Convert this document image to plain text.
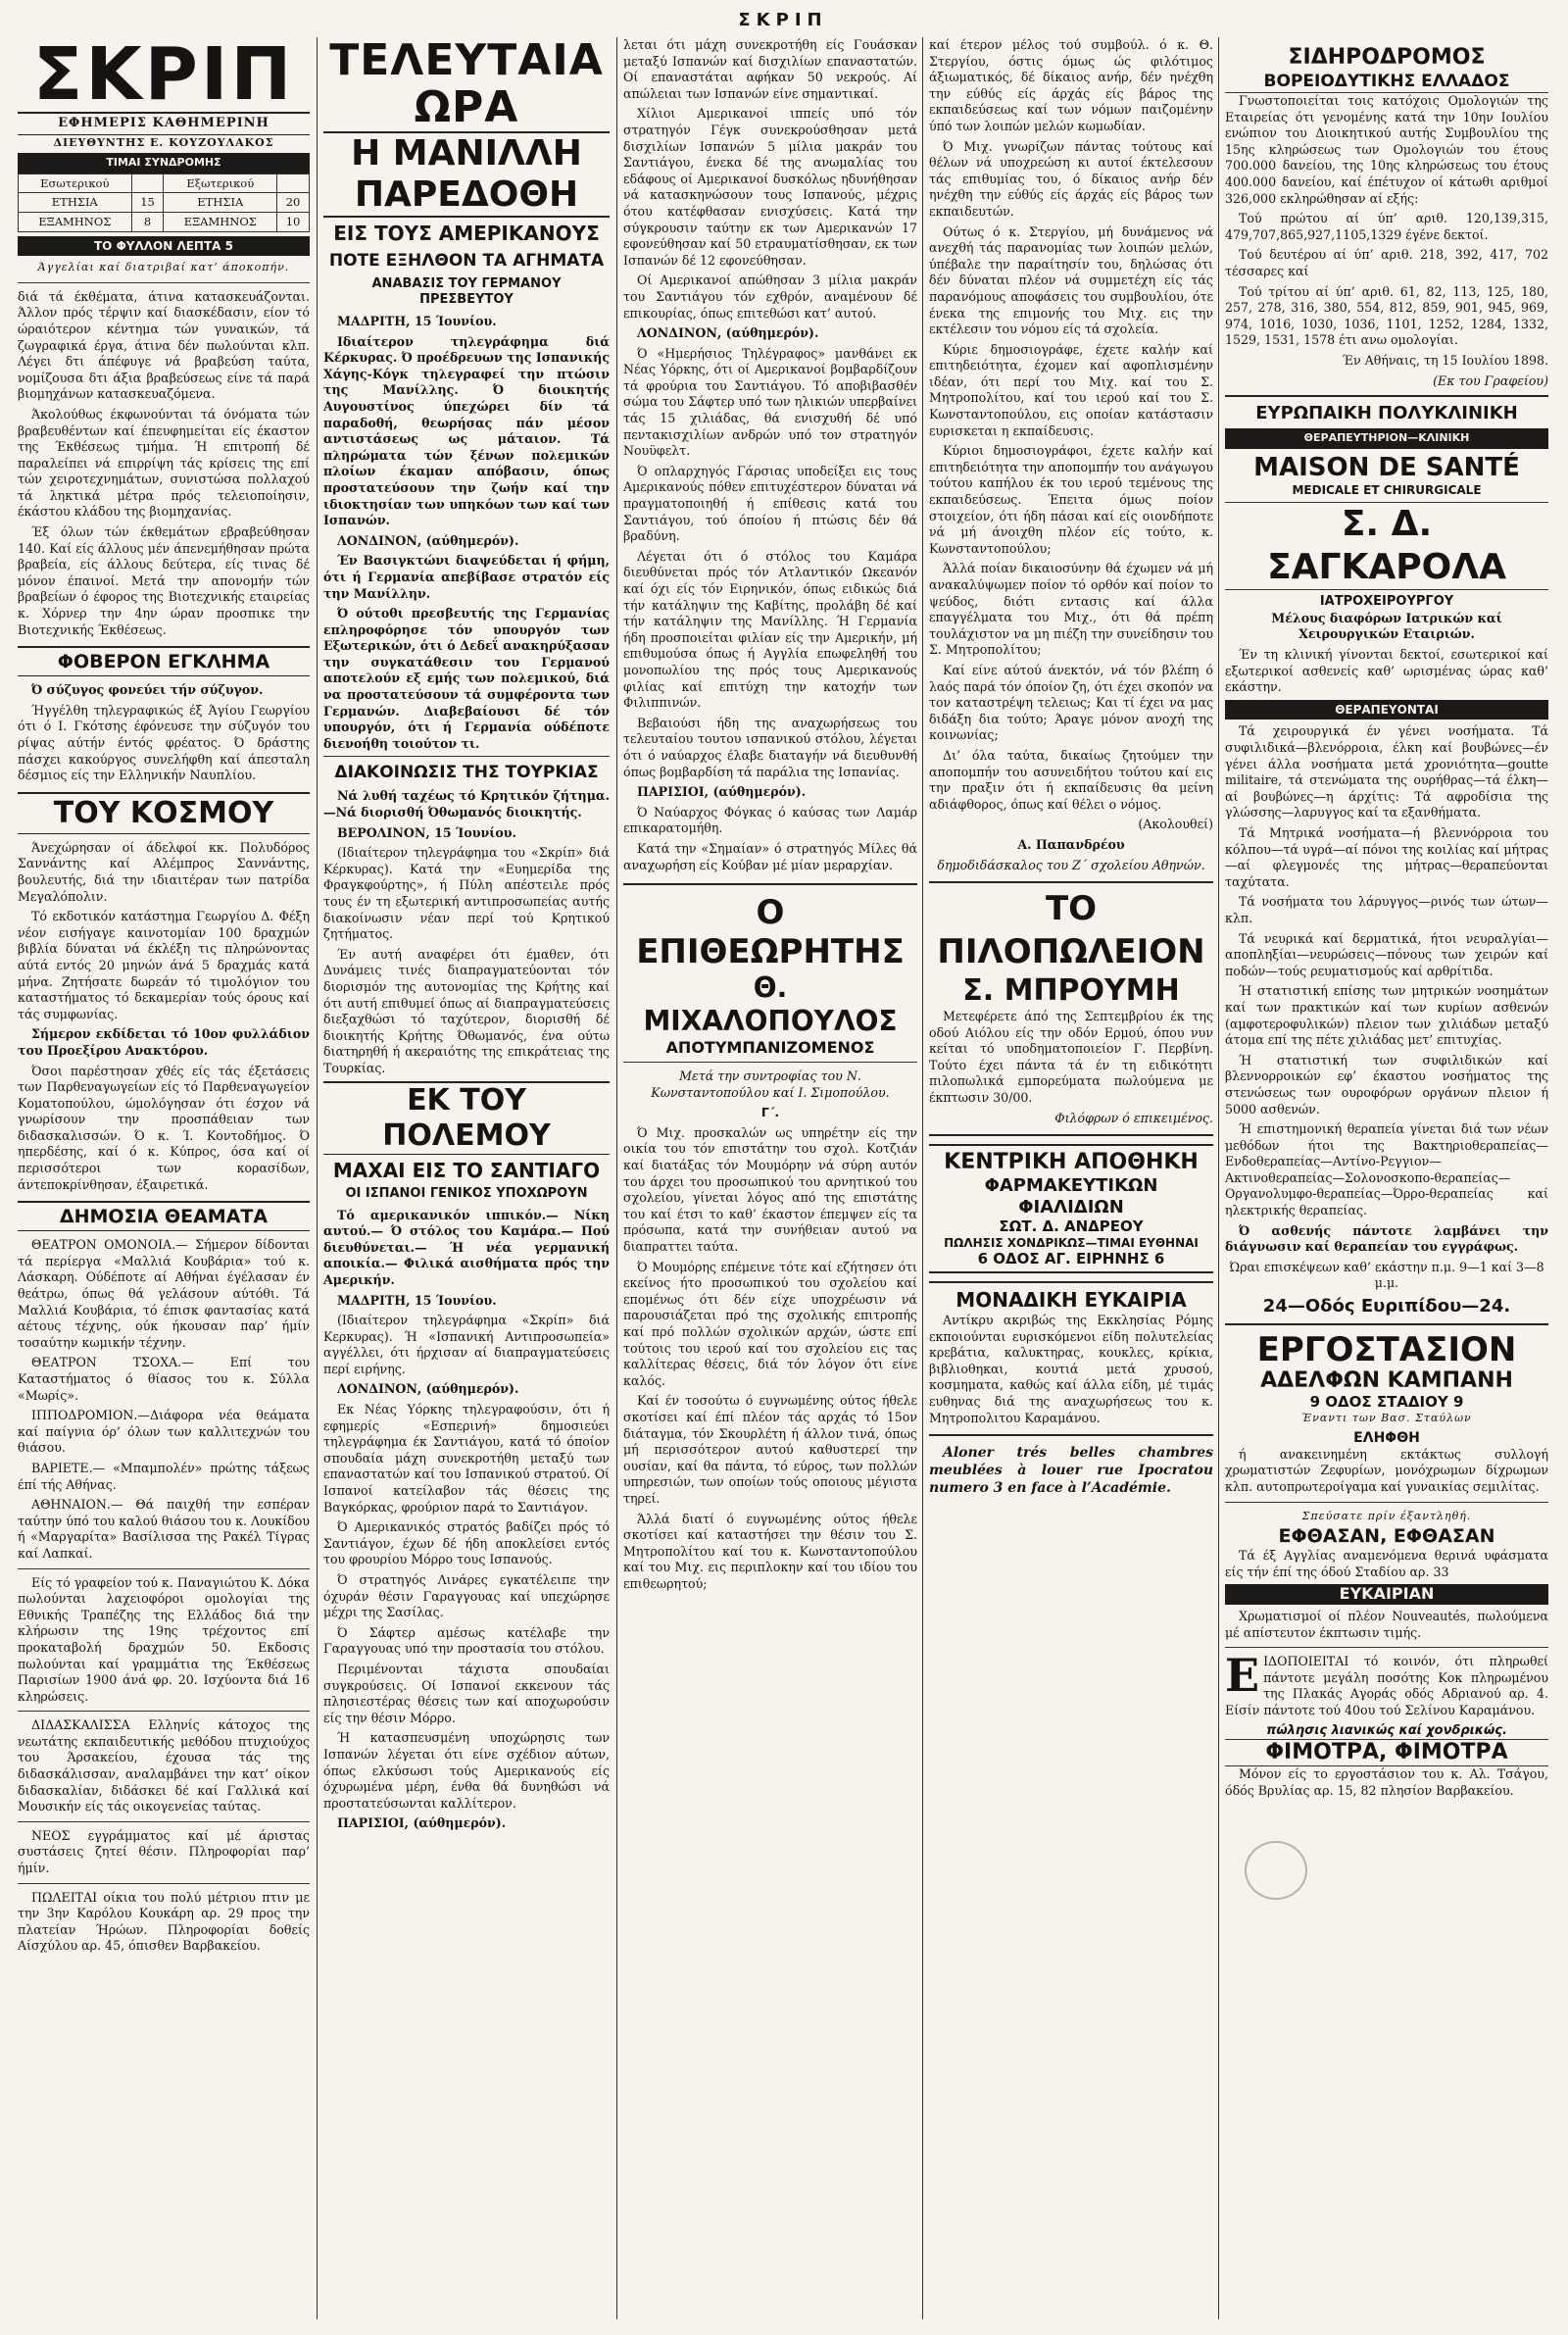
ΣΚΡΙΠ
ΣΚΡΙΠ
ΕΦΗΜΕΡΙΣ ΚΑΘΗΜΕΡΙΝΗ
ΔΙΕΥΘΥΝΤΗΣ Ε. ΚΟΥΖΟΥΛΑΚΟΣ
ΤΙΜΑΙ ΣΥΝΔΡΟΜΗΣ
Εσωτερικού		Εξωτερικού	
ΕΤΗΣΙΑ	15	ΕΤΗΣΙΑ	20
ΕΞΑΜΗΝΟΣ	8	ΕΞΑΜΗΝΟΣ	10
ΤΟ ΦΥΛΛΟΝ ΛΕΠΤΑ 5
Άγγελίαι καί διατριβαί κατ’ άποκοπήν.

διά τά έκθέματα, άτινα κατασκευάζονται. Άλλον πρός τέρψιν καί διασκέδασιν, είον τό ώραιότερον κέντημα τών γυναικών, τά ζωγραφικά έργα, άτινα δέν πωλούνται κλπ. Λέγει δτι άπέφυγε νά βραβεύση ταύτα, νομίζουσα δτι άξια βραβεύσεως είνε τά παρά βιομηχάνων κατασκευαζόμενα.

Άκολούθως έκφωνούνται τά όνόματα τών βραβευθέντων καί έπευφημείται είς έκαστον της Έκθέσεως τμήμα. Ή επιτροπή δέ παραλείπει νά επιρρίψη τάς κρίσεις της επί τών χειροτεχνημάτων, συνιστώσα πολλαχού τά ληκτικά μέτρα πρός τελειοποίησιν, έκάστου κλάδου της βιομηχανίας.

Έξ όλων τών έκθεμάτων εβραβεύθησαν 140. Καί είς άλλους μέν άπενεμήθησαν πρώτα βραβεία, είς άλλους δεύτερα, είς τινας δέ μόνον έπαινοί. Μετά την απονομήν τών βραβείων ό έφορος της Βιοτεχνικής εταιρείας κ. Χόρνερ την 4ην ώραν προσπικε την Βιοτεχνικής Έκθέσεως.

ΦΟΒΕΡΟΝ ΕΓΚΛΗΜΑ

Ό σύζυγος φονεύει τήν σύζυγον.

Ήγγέλθη τηλεγραφικώς έξ Άγίου Γεωργίου ότι ό Ι. Γκότσης έφόνευσε την σύζυγόν του ρίψας αύτήν έντός φρέατος. Ό δράστης πάσχει κακούργος συνελήφθη καί άπεσταλη δέσμιος είς την Ελληνικήν Ναυπλίου.

ΤΟΥ ΚΟΣΜΟΥ

Άνεχώρησαν οί άδελφοί κκ. Πολυδόρος Σαννάντης καί Αλέμπρος Σαννάντης, βουλευτής, διά την ιδιαιτέραν των πατρίδα Μεγαλόπολιν.

Τό εκδοτικόν κατάστημα Γεωργίου Δ. Φέξη νέον εισήγαγε καινοτομίαν 100 δραχμών βιβλία δύναται νά έκλέξη τις πληρώνοντας αύτά εντός 20 μηνών άνά 5 δραχμάς κατά μήνα. Ζητήσατε δωρεάν τό τιμολόγιον του καταστήματος τό δεκαμερίαν τούς όρους καί τάς συμφωνίας.

Σήμερον εκδίδεται τό 10ον φυλλάδιον του Προεξίρου Ανακτόρου.

Όσοι παρέστησαν χθές είς τάς έξετάσεις των Παρθεναγωγείων είς τό Παρθεναγωγείον Κοματοπούλου, ώμολόγησαν ότι έσχον νά γνωρίσουν την προσπάθειαν των διδασκαλισσών. Ό κ. Ί. Κοντοδήμος. Ό ηπερδέσης, καί ό κ. Κύπρος, όσα καί οί περισσότεροι των κορασίδων, άντεποκρίνθησαν, έξαιρετικά.

ΔΗΜΟΣΙΑ ΘΕΑΜΑΤΑ

ΘΕΑΤΡΟΝ ΟΜΟΝΟΙΑ.— Σήμερον δίδονται τά περίεργα «Μαλλιά Κουβάρια» τού κ. Λάσκαρη. Ούδέποτε αί Αθήναι έγέλασαν έν θεάτρω, όπως θά γελάσουν αύτόθι. Τά Μαλλιά Κουβάρια, τό έπισκ φαντασίας κατά αέτους τέχνης, ούκ ήκουσαν παρ’ ήμίν τοσαύτην κωμικήν τέχνην.

ΘΕΑΤΡΟΝ ΤΣΟΧΑ.— Επί του Καταστήματος ό θίασος του κ. Σύλλα «Μωρίς».

ΙΠΠΟΔΡΟΜΙΟΝ.—Διάφορα νέα θεάματα καί παίγνια όρ’ όλων των καλλιτεχνών του θιάσου.

ΒΑΡΙΕΤΕ.— «Μπαμπολέν» πρώτης τάξεως έπί τής Αθήνας.

ΑΘΗΝΑΙΟΝ.— Θά παιχθή την εσπέραν ταύτην ύπό του καλού θιάσου του κ. Λουκίδου ή «Μαργαρίτα» Βασίλισσα της Ρακέλ Τίγρας καί Λαπκαί.

Είς τό γραφείον τού κ. Παναγιώτου Κ. Δόκα πωλούνται λαχειοφόροι ομολογίαι της Εθνικής Τραπέζης της Ελλάδος διά την κλήρωσιν της 19ης τρέχοντος επί προκαταβολή δραχμών 50. Εκδοσις πωλούνται καί γραμμάτια της Έκθέσεως Παρισίων 1900 άνά φρ. 20. Ισχύοντα διά 16 κληρώσεις.

ΔΙΔΑΣΚΑΛΙΣΣΑ Ελληνίς κάτοχος της νεωτάτης εκπαιδευτικής μεθόδου πτυχιούχος του Άρσακείου, έχουσα τάς της διδασκάλισσαν, αναλαμβάνει την κατ’ οίκον διδασκαλίαν, διδάσκει δέ καί Γαλλικά καί Μουσικήν είς τάς οικογενείας ταύτας.

ΝΕΟΣ εγγράμματος καί μέ άριστας συστάσεις ζητεί θέσιν. Πληροφορίαι παρ’ ήμίν.

ΠΩΛΕΙΤΑΙ οίκια του πολύ μέτριου πτιν με την 3ην Καρόλου Κουκάρη αρ. 29 προς την πλατείαν Ήρώων. Πληροφορίαι δοθείς Αίσχύλου αρ. 45, όπισθεν Βαρβακείου.

ΤΕΛΕΥΤΑΙΑ ΩΡΑ
Η ΜΑΝΙΛΛΗ ΠΑΡΕΔΟΘΗ
ΕΙΣ ΤΟΥΣ ΑΜΕΡΙΚΑΝΟΥΣ
ΠΟΤΕ ΕΞΗΛΘΟΝ ΤΑ ΑΓΗΜΑΤΑ
ΑΝΑΒΑΣΙΣ ΤΟΥ ΓΕΡΜΑΝΟΥ ΠΡΕΣΒΕΥΤΟΥ

ΜΑΔΡΙΤΗ, 15 Ίουνίου.

Ιδιαίτερον τηλεγράφημα διά Κέρκυρας. Ό προέδρευων της Ισπανικής Χάγης-Κόγκ τηλεγραφεί την πτώσιν της Μανίλλης. Ό διοικητής Αυγουστίνος ύπεχώρει δίν τά παραδοθή, θεωρήσας πάν μέσον αντιστάσεως ως μάταιον. Τά πληρώματα τών ξένων πολεμικών πλοίων έκαμαν απόβασιν, όπως προστατεύσουν την ζωήν καί την ιδιοκτησίαν των υπηκόων των καί των Ισπανών.

ΛΟΝΔΙΝΟΝ, (αύθημερόν).

Έν Βασιγκτώνι διαψεύδεται ή φήμη, ότι ή Γερμανία απεβίβασε στρατόν είς την Μανίλλην.

Ό ούτοθι πρεσβευτής της Γερμανίας επληροφόρησε τόν υπουργόν των Εξωτερικών, ότι ό Δεδεΐ ανακηρύξασαν την συγκατάθεσιν του Γερμανού αποτελούν εξ εμής των πολεμικού, διά να προστατεύσουν τά συμφέροντα των Γερμανών. Διαβεβαίουσι δέ τόν υπουργόν, ότι ή Γερμανία ούδέποτε διενοήθη τοιούτον τι.

ΔΙΑΚΟΙΝΩΣΙΣ ΤΗΣ ΤΟΥΡΚΙΑΣ

Νά λυθή ταχέως τό Κρητικόν ζήτημα.—Νά διορισθή Όθωμανός διοικητής.

ΒΕΡΟΛΙΝΟΝ, 15 Ίουνίου.

(Ιδιαίτερον τηλεγράφημα του «Σκρίπ» διά Κέρκυρας). Κατά την «Ευημερίδα της Φραγκφούρτης», ή Πύλη απέστειλε πρός τους έν τη εξωτερική αντιπροσωπείας αυτής διακοίνωσιν νέαν περί τού Κρητικού ζητήματος.

Έν αυτή αναφέρει ότι έμαθεν, ότι Δυνάμεις τινές διαπραγματεύονται τόν διορισμόν της αυτονομίας της Κρήτης καί ότι αυτή επιθυμεί όπως αί διαπραγματεύσεις διεξαχθώσι τό ταχύτερον, διορισθή δέ διοικητής Κρήτης Όθωμανός, ένα ούτω διατηρηθή ή ακεραιότης της επικράτειας της Τουρκίας.

ΕΚ ΤΟΥ ΠΟΛΕΜΟΥ
ΜΑΧΑΙ ΕΙΣ ΤΟ ΣΑΝΤΙΑΓΟ
ΟΙ ΙΣΠΑΝΟΙ ΓΕΝΙΚΟΣ ΥΠΟΧΩΡΟΥΝ

Τό αμερικανικόν ιππικόν.— Νίκη αυτού.— Ό στόλος του Καμάρα.— Πού διευθύνεται.— Ή νέα γερμανική αποικία.— Φιλικά αισθήματα πρός την Αμερικήν.

ΜΑΔΡΙΤΗ, 15 Ίουνίου.

(Ιδιαίτερον τηλεγράφημα «Σκρίπ» διά Κερκυρας). Ή «Ισπανική Αντιπροσωπεία» αγγέλλει, ότι ήρχισαν αί διαπραγματεύσεις περί ειρήνης.

ΛΟΝΔΙΝΟΝ, (αύθημερόν).

Εκ Νέας Υόρκης τηλεγραφούσιν, ότι ή εφημερίς «Εσπερινή» δημοσιεύει τηλεγράφημα έκ Σαντιάγου, κατά τό όποίον σπουδαία μάχη συνεκροτήθη μεταξύ των επαναστατών καί του Ισπανικού στρατού. Οί Ισπανοί κατείλαβον τάς θέσεις της Βαγκόρκας, φρούριον παρά το Σαντιάγον.

Ό Αμερικανικός στρατός βαδίζει πρός τό Σαντιάγον, έχων δέ ήδη αποκλείσει εντός του φρουρίου Μόρρο τους Ισπανούς.

Ό στρατηγός Λινάρες εγκατέλειπε την όχυράν θέσιν Γαραγγουας καί υπεχώρησε μέχρι της Σασίλας.

Ό Σάφτερ αμέσως κατέλαβε την Γαραγγουας υπό την προστασία του στόλου.

Περιμένονται τάχιστα σπουδαίαι συγκρούσεις. Οί Ισπανοί εκκενουν τάς πλησιεστέρας θέσεις των καί αποχωρούσιν είς την θέσιν Μόρρο.

Ή κατασπευσμένη υποχώρησις των Ισπανών λέγεται ότι είνε σχέδιον αύτων, όπως ελκύσωσι τούς Αμερικανούς είς όχυρωμένα μέρη, ένθα θά δυνηθώσι νά προστατεύσωνται καλλίτερον.

ΠΑΡΙΣΙΟΙ, (αύθημερόν).

λεται ότι μάχη συνεκροτήθη είς Γουάσκαν μεταξύ Ισπανών καί δισχιλίων επαναστατών. Οί επαναστάται αφήκαν 50 νεκρούς. Αί απώλειαι των Ισπανών είνε σημαντικαί.

Χίλιοι Αμερικανοί ιππείς υπό τόν στρατηγόν Γέγκ συνεκρούσθησαν μετά δισχιλίων Ισπανών 5 μίλια μακράν του Σαντιάγου, ένεκα δέ της ανωμαλίας του εδάφους οί Αμερικανοί δυσκόλως ηδυνήθησαν νά κατασκηνώσουν τους Ισπανούς, μέχρις ότου κατέφθασαν ενισχύσεις. Κατά την σύγκρουσιν ταύτην εκ των Αμερικανών 17 εφονεύθησαν καί 50 ετραυματίσθησαν, εκ των Ισπανών δέ 12 εφονεύθησαν.

Οί Αμερικανοί απώθησαν 3 μίλια μακράν του Σαντιάγου τόν εχθρόν, αναμένουν δέ επικουρίας, όπως επιτεθώσι κατ’ αυτού.

ΛΟΝΔΙΝΟΝ, (αύθημερόν).

Ό «Ημερήσιος Τηλέγραφος» μανθάνει εκ Νέας Υόρκης, ότι οί Αμερικανοί βομβαρδίζουν τά φρούρια του Σαντιάγου. Τό αποβιβασθέν σώμα του Σάφτερ υπό των ηλικιών υπερβαίνει τάς 15 χιλιάδας, θά ενισχυθή δέ υπό πεντακισχιλίων ανδρών υπό τον στρατηγόν Νουϋφελτ.

Ό οπλαρχηγός Γάρσιας υποδείξει εις τους Αμερικανούς πόθεν επιτυχέστερον δύναται νά πραγματοποιηθή ή επίθεσις κατά του Σαντιάγου, τού όποίου ή πτώσις δέν θά βραδύνη.

Λέγεται ότι ό στόλος του Καμάρα διευθύνεται πρός τόν Ατλαντικόν Ωκεανόν καί όχι είς τόν Ειρηνικόν, όπως ειδικώς διά τήν κατάληψιν της Καβίτης, προλάβη δέ καί τήν κατάληψιν της Μανίλλης. Ή Γερμανία ήδη προσποιείται φιλίαν είς την Αμερικήν, μή επιθυμούσα όπως ή Αγγλία επωφεληθή του μονοπωλίου της πρός τους Αμερικανούς φιλίας καί επιτύχη την κατοχήν των Φιλιππινών.

Βεβαιούσι ήδη της αναχωρήσεως του τελευταίου τουτου ισπανικού στόλου, λέγεται ότι ό ναύαρχος έλαβε διαταγήν νά διευθυνθή όπως βομβαρδίση τά παράλια της Ισπανίας.

ΠΑΡΙΣΙΟΙ, (αύθημερόν).

Ό Ναύαρχος Φόγκας ό καύσας των Λαμάρ επικαρατομήθη.

Κατά την «Σημαίαν» ό στρατηγός Μίλες θά αναχωρήση είς Κούβαν μέ μίαν μεραρχίαν.

Ο ΕΠΙΘΕΩΡΗΤΗΣ
Θ. ΜΙΧΑΛΟΠΟΥΛΟΣ
ΑΠΟΤΥΜΠΑΝΙΖΟΜΕΝΟΣ

Μετά την συντροφίας του Ν. Κωνσταντοπούλου καί Ι. Σιμοπούλου.

Γ΄.

Ό Μιχ. προσκαλών ως υπηρέτην είς την οικία του τόν επιστάτην του σχολ. Κοτζιάν καί διατάξας τόν Μουμόρην νά σύρη αυτόν του άρχει του προσωπικού του αρνητικού του σχολείου, γίνεται λόγος από της επιστάτης του καί έτσι το καθ’ έκαστον έπεμψεν είς τα πρόσωπα, κατά την συνήθειαν αυτού να διαπραττει ταύτα.

Ό Μουμόρης επέμεινε τότε καί εζήτησεν ότι εκείνος ήτο προσωπικού του σχολείου καί επομένως ότι δέν είχε υποχρέωσιν νά παρουσιάζεται πρό της σχολικής επιτροπής καί πρό πολλών σχολικών αρχών, ώστε επί τούτοις του ιερού καί του σχολείου εις τας καλλίτερας θέσεις, διά τόν λόγον ότι είνε καλός.

Καί έν τοσούτω ό ευγνωμένης ούτος ήθελε σκοτίσει καί έπί πλέον τάς αρχάς τό 15ον διάταγμα, τόν Σκουρλέτη ή άλλον τινά, όπως μή περισσότερον αυτού καθυστερεί την ουσίαν, καί θα πάντα, τό εύρος, των πολλών υπηρεσιών, των οποίων τούς οποιους μέγιστα τηρεί.

Άλλά διατί ό ευγνωμένης ούτος ήθελε σκοτίσει καί καταστήσει την θέσιν του Σ. Μητροπολίτου καί του κ. Κωνσταντοπούλου καί του Μιχ. εις περιπλοκην καί του ιδίου του επιθεωρητού;

καί έτερον μέλος τού συμβούλ. ό κ. Θ. Στεργίου, όστις όμως ώς φιλότιμος άξιωματικός, δέ δίκαιος ανήρ, δέν ηνέχθη την εύθύς είς άρχάς είς βάρος της εκπαιδεύσεως καί των νόμων παιζομένην ύπό των λοιπών μελών κωμωδίαν.

Ό Μιχ. γνωρίζων πάντας τούτους καί θέλων νά υποχρεώση κι αυτοί έκτελεσουν τάς επιθυμίας του, ό δίκαιος ανήρ δέν ηνέχθη την εύθύς είς άρχάς είς βάρος των εκπαιδευτών.

Ούτως ό κ. Στεργίου, μή δυνάμενος νά ανεχθή τάς παρανομίας των λοιπών μελών, ύπέβαλε την παραίτησίν του, δηλώσας ότι δέν δύναται πλέον νά συμμετέχη είς τάς παρανόμους αποφάσεις του συμβουλίου, ότε ένεκα της επιμονής του Μιχ. εις την εκτέλεσιν του νόμου είς τά σχολεία.

Κύριε δημοσιογράφε, έχετε καλήν καί επιτηδειότητα, έχομεν καί αφοπλισμένην ιδέαν, ότι περί του Μιχ. καί του Σ. Μητροπολίτου, καί του ιερού καί του Σ. Κωνσταντοπούλου, εις οποίαν κατάστασιν ευρισκεται η εκπαίδευσις.

Κύριοι δημοσιογράφοι, έχετε καλήν καί επιτηδειότητα την αποπομπήν του ανάγωγου τούτου καπήλου έκ του ιερού τεμένους της εκπαιδεύσεως. Έπειτα όμως ποίον στοιχείον, ότι ήδη πάσαι καί είς οιονδήποτε νά μή άνοιχθη πλέον είς τούτο, κ. Κωνσταντοπούλου;

Άλλά ποίαν δικαιοσύνην θά έχωμεν νά μή ανακαλύψωμεν ποίον τό ορθόν καί ποίον το ψεύδος, διότι εντασις καί άλλα επαγγέλματα του Μιχ., ότι θά πρέπη τουλάχιστον να μη πιέζη την συνείδησιν του Σ. Μητροπολίτου;

Καί είνε αύτού άνεκτόν, νά τόν βλέπη ό λαός παρά τόν όποίον ζη, ότι έχει σκοπόν να τον καταστρέψη τελειως; Και τί έχει να μας διδάξη δια τούτο; Άραγε μόνον ανοχή της κοινωνίας;

Δι’ όλα ταύτα, δικαίως ζητούμεν την αποπομπήν του ασυνειδήτου τούτου καί εις την πραξιν ότι ή εκπαίδευσις θα μείνη αδιάφθορος, όπως καί θέλει ο νόμος.

(Ακολουθεί)

Α. Παπανδρέου

δημοδιδάσκαλος του Ζ΄ σχολείου Αθηνών.

ΤΟ ΠΙΛΟΠΩΛΕΙΟΝ
Σ. ΜΠΡΟΥΜΗ

Μετεφέρετε άπό της Σεπτεμβρίου έκ της οδού Αιόλου είς την οδόν Ερμού, όπου νυν κείται τό υποδηματοποιείον Γ. Περβίνη. Τούτο έχει πάντα τά έν τη ειδικότητι πιλοπωλικά εμπορεύματα πωλούμενα με έκπτωσιν 30/00.

Φιλόφρων ό επικειμένος.

ΚΕΝΤΡΙΚΗ ΑΠΟΘΗΚΗ
ΦΑΡΜΑΚΕΥΤΙΚΩΝ ΦΙΑΛΙΔΙΩΝ
ΣΩΤ. Δ. ΑΝΔΡΕΟΥ
ΠΩΛΗΣΙΣ ΧΟΝΔΡΙΚΩΣ—ΤΙΜΑΙ ΕΥΘΗΝΑΙ
6 ΟΔΟΣ ΑΓ. ΕΙΡΗΝΗΣ 6
ΜΟΝΑΔΙΚΗ ΕΥΚΑΙΡΙΑ

Αντίκρυ ακριβώς της Εκκλησίας Ρόμης εκποιούνται ευρισκόμενοι είδη πολυτελείας κρεβάτια, καλυκτηρας, κουκλες, κρίκια, βιβλιοθηκαι, κουτιά μετά χρυσού, κοσμηματα, καθώς καί άλλα είδη, μέ τιμάς ευθηνας διά της αναχωρήσεως του κ. Μητροπολιτου Καραμάνου.

Aloner trés belles chambres meublées à louer rue Ipocratou numero 3 en face à l’Académie.

ΣΙΔΗΡΟΔΡΟΜΟΣ
ΒΟΡΕΙΟΔΥΤΙΚΗΣ ΕΛΛΑΔΟΣ

Γνωστοποιείται τοις κατόχοις Ομολογιών της Εταιρείας ότι γενομένης κατά την 10ην Ιουλίου ενώπιον του Διοικητικού αυτής Συμβουλίου της 15ης κληρώσεως των Ομολογιών του έτους 700.000 δανείου, της 10ης κληρώσεως του έτους 400.000 δανείου, καί έπέτυχον οί κάτωθι αριθμοί 326,000 εκληρώθησαν αί εξής:

Τού πρώτου αί ύπ’ αριθ. 120,139,315, 479,707,865,927,1105,1329 έγένε δεκτοί.

Τού δευτέρου αί ύπ’ αριθ. 218, 392, 417, 702 τέσσαρες καί

Τού τρίτου αί ύπ’ αριθ. 61, 82, 113, 125, 180, 257, 278, 316, 380, 554, 812, 859, 901, 945, 969, 974, 1016, 1030, 1036, 1101, 1252, 1284, 1332, 1529, 1531, 1578 έτι ανω ομολογίαι.

Έν Αθήναις, τη 15 Ιουλίου 1898.

(Εκ του Γραφείου)

ΕΥΡΩΠΑΙΚΗ ΠΟΛΥΚΛΙΝΙΚΗ
ΘΕΡΑΠΕΥΤΗΡΙΟΝ—ΚΛΙΝΙΚΗ
MAISON DE SANTÉ
MEDICALE ET CHIRURGICALE
Σ. Δ. ΣΑΓΚΑΡΟΛΑ
ΙΑΤΡΟΧΕΙΡΟΥΡΓΟΥ

Μέλους διαφόρων Ιατρικών καί Χειρουργικών Εταιριών.

Έν τη κλινική γίνονται δεκτοί, εσωτερικοί καί εξωτερικοί ασθενείς καθ’ ωρισμένας ώρας καθ’ εκάστην.

ΘΕΡΑΠΕΥΟΝΤΑΙ

Τά χειρουργικά έν γένει νοσήματα. Τά συφιλιδικά—βλενόρροια, έλκη καί βουβώνες—έν γένει άλλα νοσήματα μετά χρονιότητα—goutte militaire, τά στενώματα της ουρήθρας—τά έλκη—αί βουβώνες—η άρχίτις: Τά αφροδίσια της γλώσσης—λαρυγγος καί τα εξανθήματα.

Τά Μητρικά νοσήματα—ή βλεννόρροια του κόλπου—τά υγρά—αί πόνοι της κοιλίας καί μήτρας—αί φλεγμονές της μήτρας—θεραπεύονται ταχύτατα.

Τά νοσήματα του λάρυγγος—ρινός των ώτων—κλπ.

Τά νευρικά καί δερματικά, ήτοι νευραλγίαι—αποπληξίαι—νευρώσεις—πόνους των χειρών καί ποδών—τούς ρευματισμούς καί αρθρίτιδα.

Ή στατιστική επίσης των μητρικών νοσημάτων καί των πρακτικών καί των κυρίων ασθενών (αμφοτεροφυλικών) πλειον των χιλιάδων μεταξύ άτομα επί της πέτε χιλιάδας μετ’ επιτυχίας.

Ή στατιστική των συφιλιδικών καί βλεννορροικών εφ’ έκαστου νοσήματος της στενώσεως των ουροφόρων οργάνων πλειον ή 5000 ασθενών.

Ή επιστημονική θεραπεία γίνεται διά των νέων μεθόδων ήτοι της Βακτηριοθεραπείας—Ενδοθεραπείας—Αντίνο-Ρεγγιον—Ακτινοθεραπείας—Σολονοσκοπο-θεραπείας—Οργανολυμφο-θεραπείας—Όρρο-θεραπείας καί ηλεκτρικής θεραπείας.

Ό ασθενής πάντοτε λαμβάνει την διάγνωσιν καί θεραπείαν του εγγράφως.

Ώραι επισκέψεων καθ’ εκάστην π.μ. 9—1 καί 3—8 μ.μ.

24—Οδός Ευριπίδου—24.
ΕΡΓΟΣΤΑΣΙΟΝ
ΑΔΕΛΦΩΝ ΚΑΜΠΑΝΗ
9 ΟΔΟΣ ΣΤΑΔΙΟΥ 9
Έναντι των Βασ. Σταύλων
ΕΛΗΦΘΗ

ή ανακεινημένη εκτάκτως συλλογή χρωματιστών Ζεφυρίων, μονόχρωμων δίχρωμων κλπ. αυτοπρωτεροίγαμα καί γυναικίας σεμιλίτας.

Σπεύσατε πρίν έξαντληθή.
ΕΦΘΑΣΑΝ, ΕΦΘΑΣΑΝ

Τά έξ Αγγλίας αναμενόμενα θερινά υφάσματα είς τήν έπί της όδού Σταδίου αρ. 33

ΕΥΚΑΙΡΙΑΝ

Χρωματισμοί οί πλέον Nouveautés, πωλούμενα μέ απίστευτον έκπτωσιν τιμής.

Ε ΙΔΟΠΟΙΕΙΤΑΙ τό κοινόν, ότι πληρωθεί πάντοτε μεγάλη ποσότης Κοκ πληρωμένου της Πλακάς Αγοράς οδός Αδριανού αρ. 4. Είσίν πάντοτε τού 40ου τού Σελίνου Καραμάνου.

πώλησις λιανικώς καί χονδρικώς.
ΦΙΜΟΤΡΑ, ΦΙΜΟΤΡΑ

Μόνον είς το εργοστάσιον του κ. Αλ. Τσάγου, όδός Βρυλίας αρ. 15, 82 πλησίον Βαρβακείου.
